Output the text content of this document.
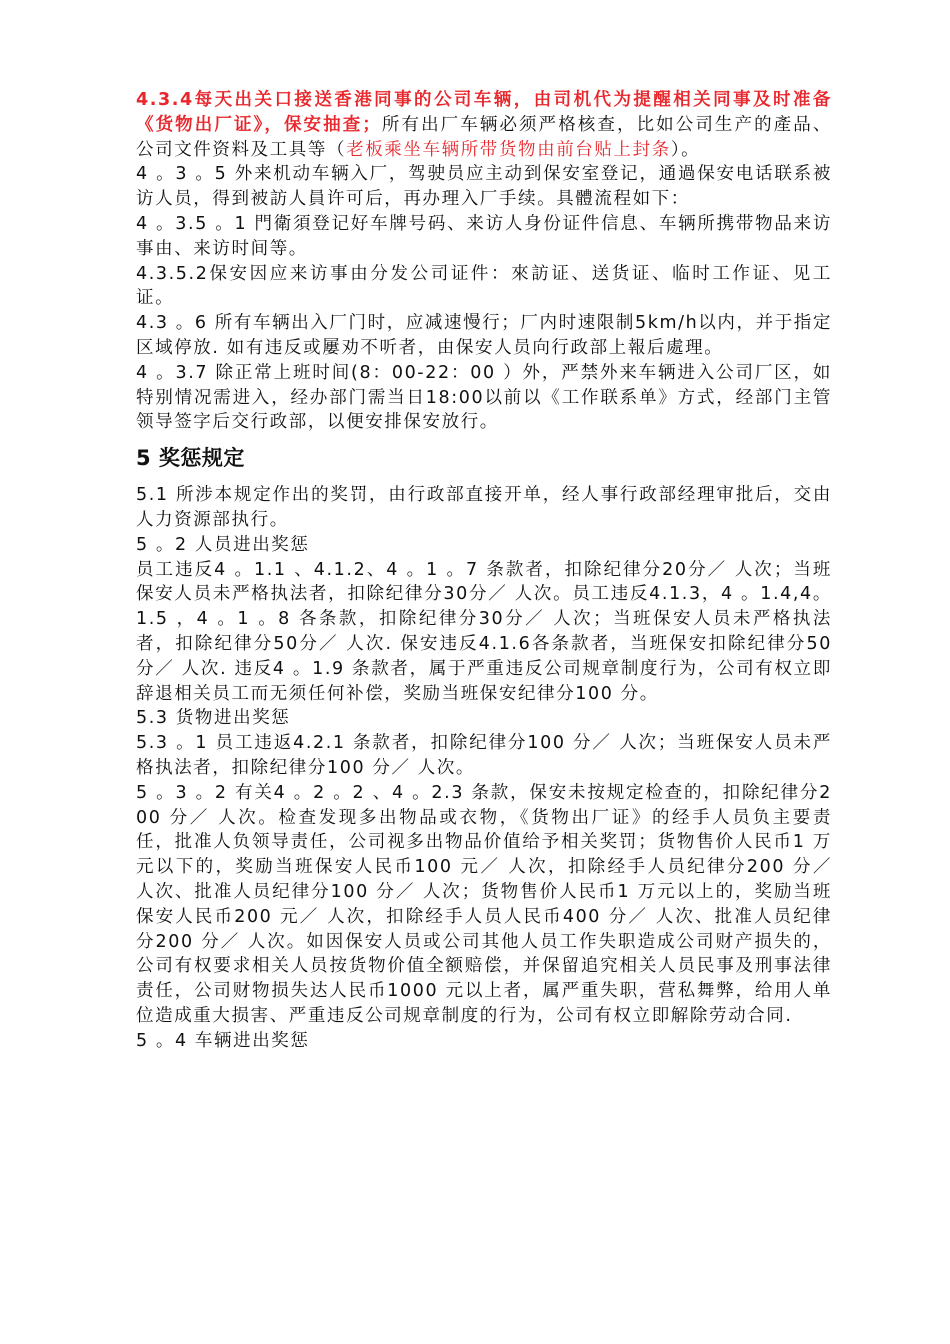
4.3.4每天出关口接送香港同事的公司车辆，由司机代为提醒相关同事及时准备《货物出厂证》，保安抽查；所有出厂车辆必须严格核查，比如公司生产的產品、公司文件资料及工具等（老板乘坐车辆所带货物由前台贴上封条）。

4 。3 。5 外来机动车辆入厂，驾驶员应主动到保安室登记，通過保安电话联系被访人员，得到被訪人員许可后，再办理入厂手续。具體流程如下：

4 。3.5 。1 門衛須登记好车牌号码、来访人身份证件信息、车辆所携带物品来访事由、来访时间等。

4.3.5.2保安因应来访事由分发公司证件：來訪证、送货证、临时工作证、见工证。

4.3 。6 所有车辆出入厂门时，应减速慢行；厂内时速限制5km/h以内，并于指定区域停放. 如有违反或屢劝不听者，由保安人员向行政部上報后處理。

4 。3.7 除正常上班时间(8：00-22：00 ）外，严禁外来车辆进入公司厂区，如特别情况需进入，经办部门需当日18:00以前以《工作联系单》方式，经部门主管领导签字后交行政部，以便安排保安放行。

5 奖惩规定

5.1 所涉本规定作出的奖罚，由行政部直接开单，经人事行政部经理审批后，交由人力资源部执行。

5 。2 人员进出奖惩

员工违反4 。1.1 、4.1.2、4 。1 。7 条款者，扣除纪律分20分／ 人次；当班保安人员未严格执法者，扣除纪律分30分／ 人次。员工违反4.1.3，4 。1.4,4。1.5 ，4 。1 。8 各条款，扣除纪律分30分／ 人次；当班保安人员未严格执法者，扣除纪律分50分／ 人次. 保安违反4.1.6各条款者，当班保安扣除纪律分50分／ 人次. 违反4 。1.9 条款者，属于严重违反公司规章制度行为，公司有权立即辞退相关员工而无须任何补偿，奖励当班保安纪律分100 分。

5.3 货物进出奖惩

5.3 。1 员工违返4.2.1 条款者，扣除纪律分100 分／ 人次；当班保安人员未严格执法者，扣除纪律分100 分／ 人次。

5 。3 。2 有关4 。2 。2 、4 。2.3 条款，保安未按规定检查的，扣除纪律分200 分／ 人次。检查发现多出物品或衣物，《货物出厂证》的经手人员负主要责任，批准人负领导责任，公司视多出物品价值给予相关奖罚；货物售价人民币1 万元以下的，奖励当班保安人民币100 元／ 人次，扣除经手人员纪律分200 分／ 人次、批准人员纪律分100 分／ 人次；货物售价人民币1 万元以上的，奖励当班保安人民币200 元／ 人次，扣除经手人员人民币400 分／ 人次、批准人员纪律分200 分／ 人次。如因保安人员或公司其他人员工作失职造成公司财产损失的，公司有权要求相关人员按货物价值全额赔偿，并保留追究相关人员民事及刑事法律责任，公司财物损失达人民币1000 元以上者，属严重失职，营私舞弊，给用人单位造成重大损害、严重违反公司规章制度的行为，公司有权立即解除劳动合同.

5 。4 车辆进出奖惩
